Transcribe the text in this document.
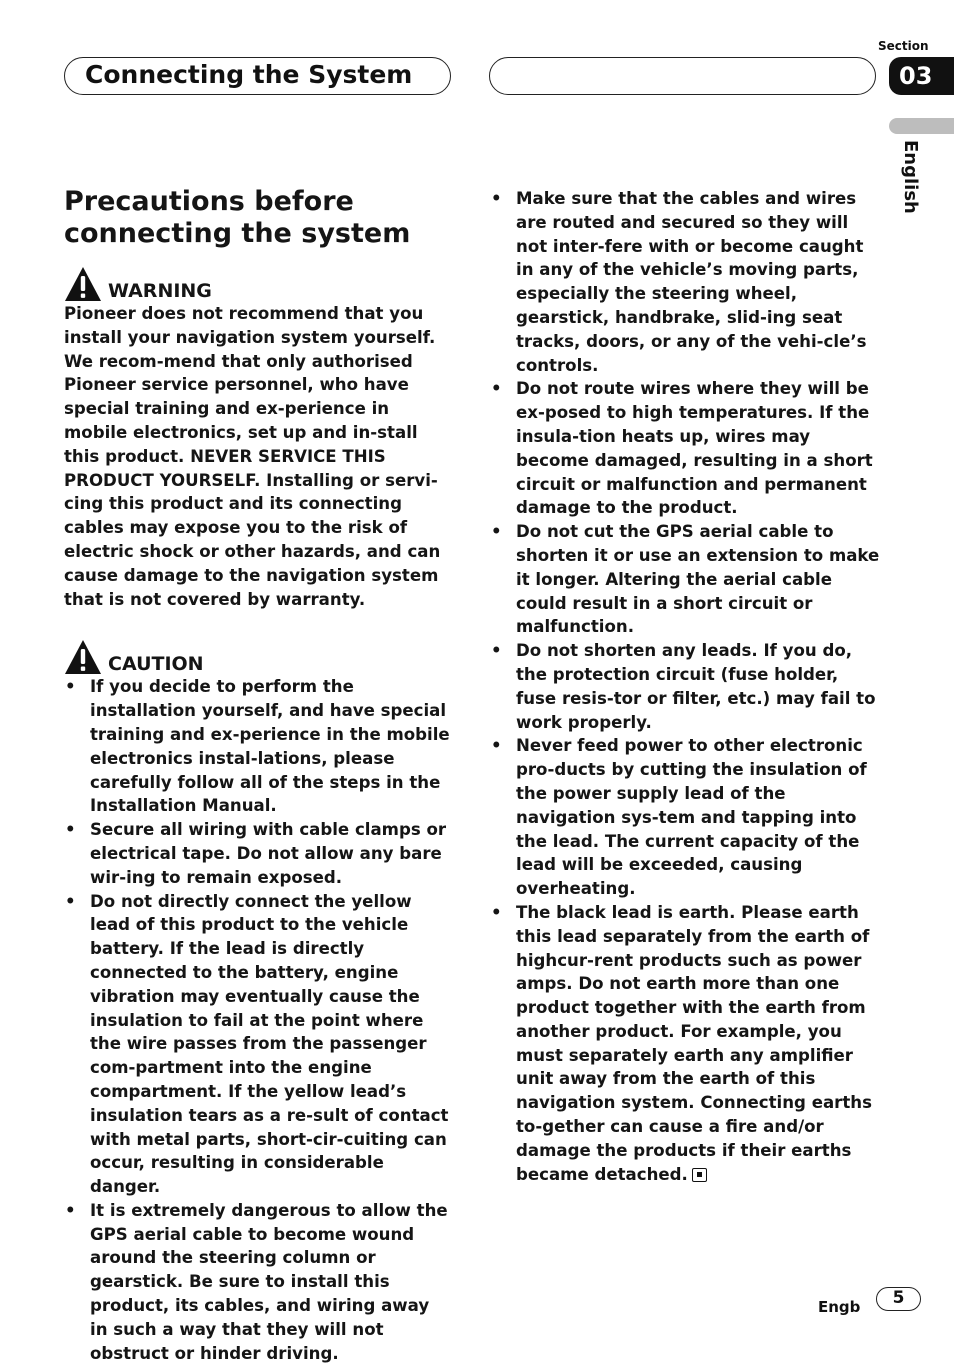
Connecting the System
Section
03
English
Precautions before connecting the system
WARNING
Pioneer does not recommend that you install your navigation system yourself. We recom-mend that only authorised Pioneer service personnel, who have special training and ex-perience in mobile electronics, set up and in-stall this product. NEVER SERVICE THIS PRODUCT YOURSELF. Installing or servi-cing this product and its connecting cables may expose you to the risk of electric shock or other hazards, and can cause damage to the navigation system that is not covered by warranty.
CAUTION
• If you decide to perform the installation yourself, and have special training and ex-perience in the mobile electronics instal-lations, please carefully follow all of the steps in the Installation Manual.
• Secure all wiring with cable clamps or electrical tape. Do not allow any bare wir-ing to remain exposed.
• Do not directly connect the yellow lead of this product to the vehicle battery. If the lead is directly connected to the battery, engine vibration may eventually cause the insulation to fail at the point where the wire passes from the passenger com-partment into the engine compartment. If the yellow lead’s insulation tears as a re-sult of contact with metal parts, short-cir-cuiting can occur, resulting in considerable danger.
• It is extremely dangerous to allow the GPS aerial cable to become wound around the steering column or gearstick. Be sure to install this product, its cables, and wiring away in such a way that they will not obstruct or hinder driving.
• Make sure that the cables and wires are routed and secured so they will not inter-fere with or become caught in any of the vehicle’s moving parts, especially the steering wheel, gearstick, handbrake, slid-ing seat tracks, doors, or any of the vehi-cle’s controls.
• Do not route wires where they will be ex-posed to high temperatures. If the insula-tion heats up, wires may become damaged, resulting in a short circuit or malfunction and permanent damage to the product.
• Do not cut the GPS aerial cable to shorten it or use an extension to make it longer. Altering the aerial cable could result in a short circuit or malfunction.
• Do not shorten any leads. If you do, the protection circuit (fuse holder, fuse resis-tor or filter, etc.) may fail to work properly.
• Never feed power to other electronic pro-ducts by cutting the insulation of the power supply lead of the navigation sys-tem and tapping into the lead. The current capacity of the lead will be exceeded, causing overheating.
• The black lead is earth. Please earth this lead separately from the earth of highcur-rent products such as power amps. Do not earth more than one product together with the earth from another product. For example, you must separately earth any amplifier unit away from the earth of this navigation system. Connecting earths to-gether can cause a fire and/or damage the products if their earths became detached.
Engb	5
